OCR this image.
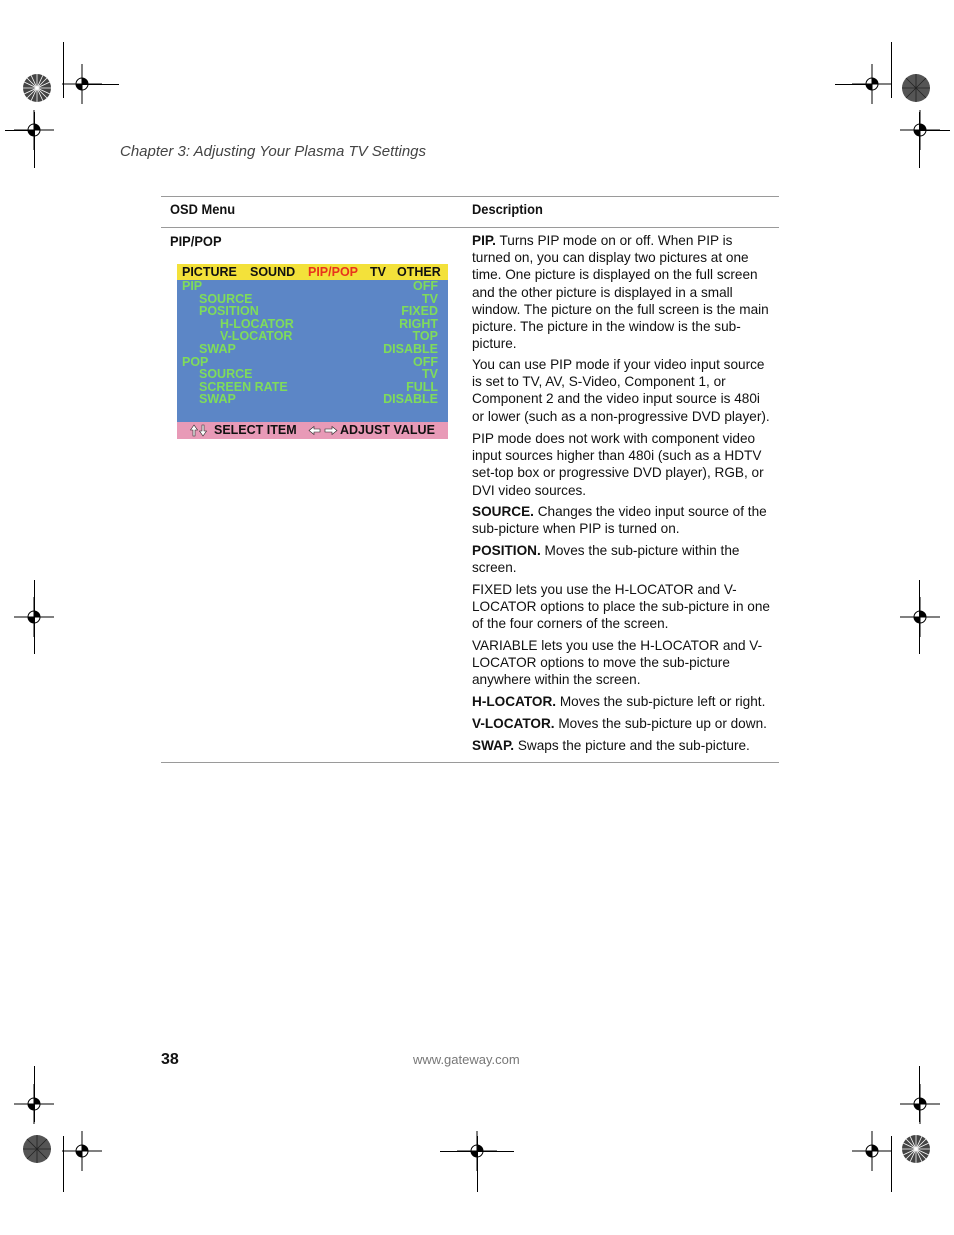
Chapter 3: Adjusting Your Plasma TV Settings
OSD Menu	Description
PIP/POP
PICTURE SOUND PIP/POP TV OTHER
PIP	OFF
SOURCE	TV
POSITION	FIXED
H-LOCATOR	RIGHT
V-LOCATOR	TOP
SWAP	DISABLE
POP	OFF
SOURCE	TV
SCREEN RATE	FULL
SWAP	DISABLE
SELECT ITEM	ADJUST VALUE
PIP. Turns PIP mode on or off. When PIP is turned on, you can display two pictures at one time. One picture is displayed on the full screen and the other picture is displayed in a small window. The picture on the full screen is the main picture. The picture in the window is the sub-picture.
You can use PIP mode if your video input source is set to TV, AV, S-Video, Component 1, or Component 2 and the video input source is 480i or lower (such as a non-progressive DVD player).
PIP mode does not work with component video input sources higher than 480i (such as a HDTV set-top box or progressive DVD player), RGB, or DVI video sources.
SOURCE. Changes the video input source of the sub-picture when PIP is turned on.
POSITION. Moves the sub-picture within the screen.
FIXED lets you use the H-LOCATOR and V-LOCATOR options to place the sub-picture in one of the four corners of the screen.
VARIABLE lets you use the H-LOCATOR and V-LOCATOR options to move the sub-picture anywhere within the screen.
H-LOCATOR. Moves the sub-picture left or right.
V-LOCATOR. Moves the sub-picture up or down.
SWAP. Swaps the picture and the sub-picture.
38	www.gateway.com
